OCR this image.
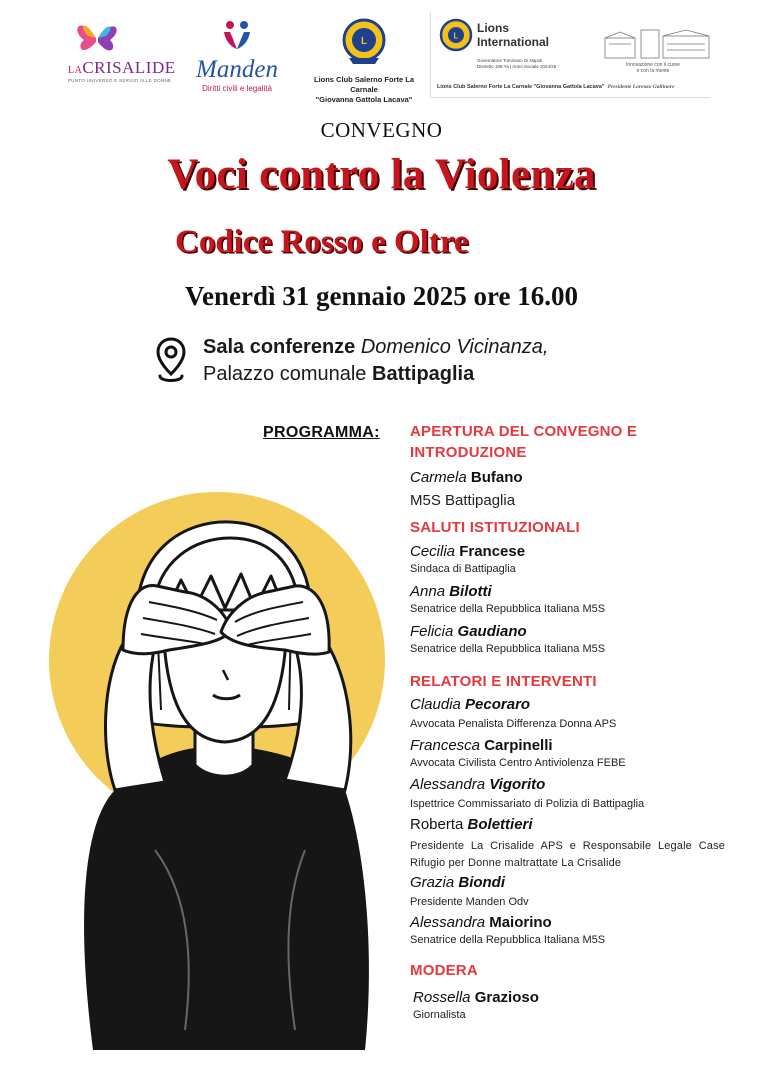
LACRISALIDE
PUNTO UNIVERSO E SERVIZI ALLE DONNE Manden
Diritti civili e legalità
L
Lions Club Salerno Forte La Carnale
"Giovanna Gattola Lacava"
L
Lions
International
Governatore Tommaso Di Napoli
Distretto 108 Ya | Anno Sociale 2024/25	Innovazione con il cuore
e con la mente
Lions Club Salerno Forte La Carnale "Giovanna Gattola Lacava" Presidente Lorenzo Gallinore
CONVEGNO
Voci contro la Violenza
Codice Rosso e Oltre
Venerdì 31 gennaio 2025 ore 16.00
Sala conferenze Domenico Vicinanza,
Palazzo comunale Battipaglia
PROGRAMMA: APERTURA DEL CONVEGNO E
INTRODUZIONE
Carmela Bufano
M5S Battipaglia
SALUTI ISTITUZIONALI
Cecilia Francese
Sindaca di Battipaglia
Anna Bilotti
Senatrice della Repubblica Italiana M5S
Felicia Gaudiano
Senatrice della Repubblica Italiana M5S
RELATORI E INTERVENTI
Claudia Pecoraro
Avvocata Penalista Differenza Donna APS
Francesca Carpinelli
Avvocata Civilista Centro Antiviolenza FEBE
Alessandra Vigorito
Ispettrice Commissariato di Polizia di Battipaglia
Roberta Bolettieri
Presidente La Crisalide APS e Responsabile Legale Case Rifugio per Donne maltrattate La Crisalide
Grazia Biondi
Presidente Manden Odv
Alessandra Maiorino
Senatrice della Repubblica Italiana M5S
MODERA
Rossella Grazioso
Giornalista
